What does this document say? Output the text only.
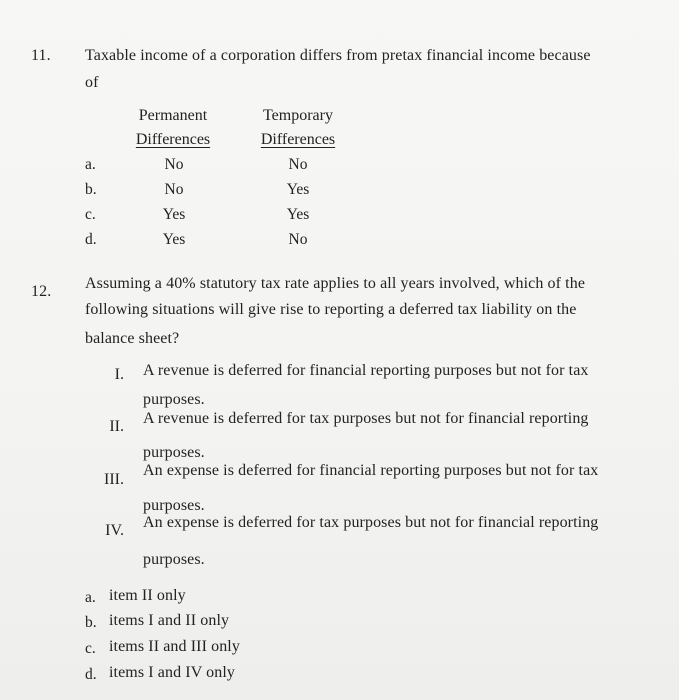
11. Taxable income of a corporation differs from pretax financial income because
of
Permanent
Differences
Temporary
Differences
a.	No	No
b.	No	Yes
c.	Yes	Yes
d.	Yes	No
12. Assuming a 40% statutory tax rate applies to all years involved, which of the
following situations will give rise to reporting a deferred tax liability on the
balance sheet?
I. A revenue is deferred for financial reporting purposes but not for tax
purposes.
II. A revenue is deferred for tax purposes but not for financial reporting
purposes.
III.
An expense is deferred for financial reporting purposes but not for tax
purposes.
IV. An expense is deferred for tax purposes but not for financial reporting
purposes.
a. item II only
b. items I and II only
c. items II and III only
d. items I and IV only
